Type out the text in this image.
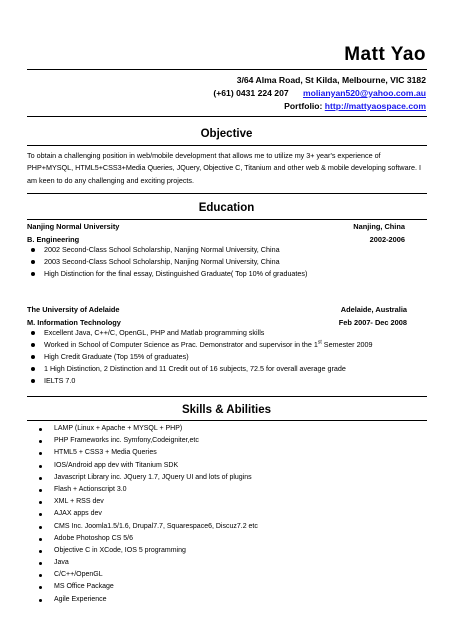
Matt Yao
3/64 Alma Road, St Kilda, Melbourne, VIC 3182
(+61) 0431 224 207 molianyan520@yahoo.com.au
Portfolio: http://mattyaospace.com
Objective
To obtain a challenging position in web/mobile development that allows me to utilize my 3+ year's experience of PHP+MYSQL, HTML5+CSS3+Media Queries, JQuery, Objective C, Titanium and other web & mobile developing software. I am keen to do any challenging and exciting projects.
Education
Nanjing Normal University	Nanjing, China
B. Engineering	2002-2006
2002 Second-Class School Scholarship, Nanjing Normal University, China
2003 Second-Class School Scholarship, Nanjing Normal University, China
High Distinction for the final essay, Distinguished Graduate( Top 10% of graduates)
The University of Adelaide	Adelaide, Australia
M. Information Technology	Feb 2007- Dec 2008
Excellent Java, C++/C, OpenGL, PHP and Matlab programming skills
Worked in School of Computer Science as Prac. Demonstrator and supervisor in the 1st Semester 2009
High Credit Graduate (Top 15% of graduates)
1 High Distinction, 2 Distinction and 11 Credit out of 16 subjects, 72.5 for overall average grade
IELTS 7.0
Skills & Abilities
LAMP (Linux + Apache + MYSQL + PHP)
PHP Frameworks inc. Symfony,Codeigniter,etc
HTML5 + CSS3 + Media Queries
IOS/Android app dev with Titanium SDK
Javascript Library inc. JQuery 1.7, JQuery UI and lots of plugins
Flash + Actionscript 3.0
XML + RSS dev
AJAX apps dev
CMS Inc. Joomla1.5/1.6, Drupal7.7, Squarespace6, Discuz7.2 etc
Adobe Photoshop CS 5/6
Objective C in XCode, IOS 5 programming
Java
C/C++/OpenGL
MS Office Package
Agile Experience
